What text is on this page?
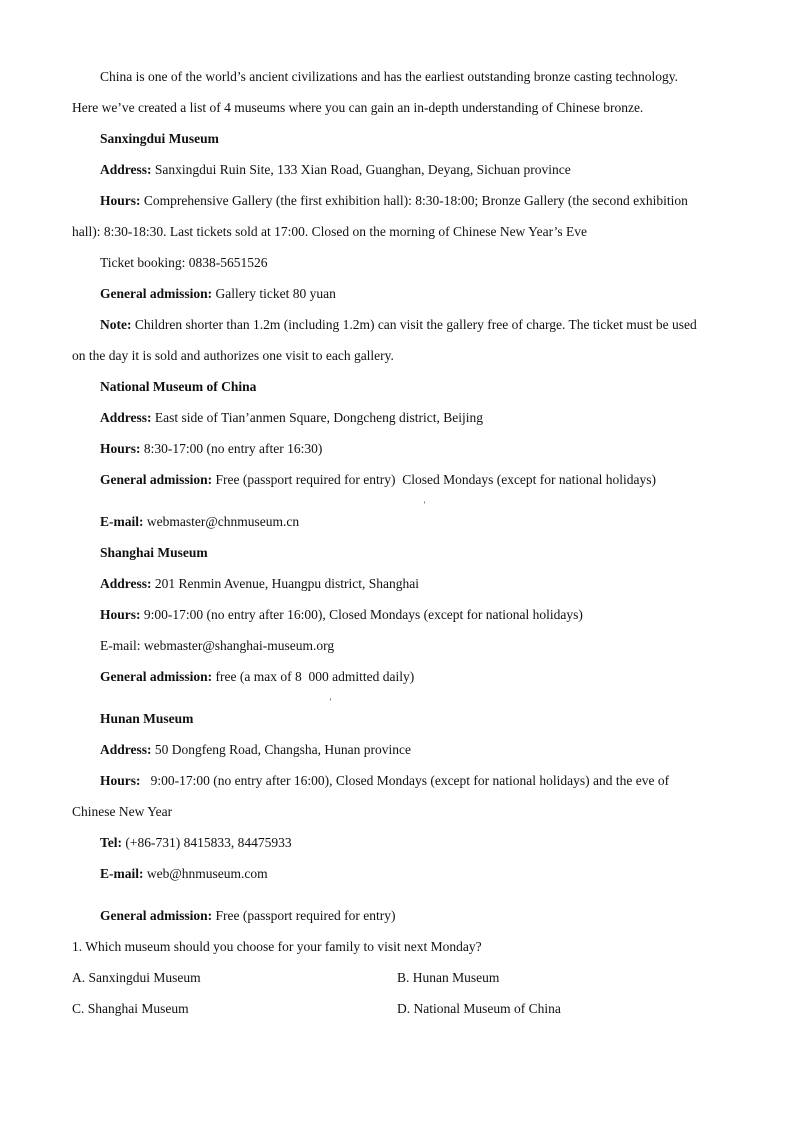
China is one of the world’s ancient civilizations and has the earliest outstanding bronze casting technology.

Here we’ve created a list of 4 museums where you can gain an in-depth understanding of Chinese bronze.

Sanxingdui Museum

Address: Sanxingdui Ruin Site, 133 Xian Road, Guanghan, Deyang, Sichuan province

Hours: Comprehensive Gallery (the first exhibition hall): 8:30-18:00; Bronze Gallery (the second exhibition

hall): 8:30-18:30. Last tickets sold at 17:00. Closed on the morning of Chinese New Year’s Eve

Ticket booking: 0838-5651526

General admission: Gallery ticket 80 yuan

Note: Children shorter than 1.2m (including 1.2m) can visit the gallery free of charge. The ticket must be used

on the day it is sold and authorizes one visit to each gallery.

National Museum of China

Address: East side of Tian’anmen Square, Dongcheng district, Beijing

Hours: 8:30-17:00 (no entry after 16:30)

General admission: Free (passport required for entry) Closed Mondays (except for national holidays)

E-mail: webmaster@chnmuseum.cn

Shanghai Museum

Address: 201 Renmin Avenue, Huangpu district, Shanghai

Hours: 9:00-17:00 (no entry after 16:00), Closed Mondays (except for national holidays)

E-mail: webmaster@shanghai-museum.org

General admission: free (a max of 8 000 admitted daily)

Hunan Museum

Address: 50 Dongfeng Road, Changsha, Hunan province

Hours: 9:00-17:00 (no entry after 16:00), Closed Mondays (except for national holidays) and the eve of

Chinese New Year

Tel: (+86-731) 8415833, 84475933

E-mail: web@hnmuseum.com

General admission: Free (passport required for entry)

1. Which museum should you choose for your family to visit next Monday?

A. Sanxingdui Museum	B. Hunan Museum

C. Shanghai Museum	D. National Museum of China
